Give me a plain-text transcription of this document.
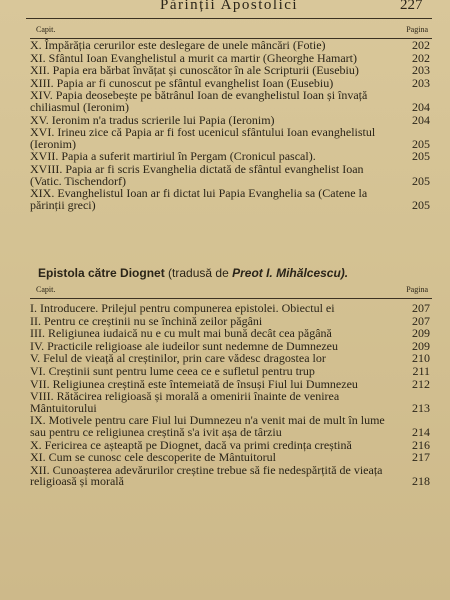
Părinții Apostolici	227
Capit.	Pagina
X. Împărăția cerurilor este deslegare de unele mâncări (Fotie)	202
XI. Sfântul Ioan Evanghelistul a murit ca martir (Gheorghe Hamart)	202
XII. Papia era bărbat învățat și cunoscător în ale Scripturii (Eusebiu)	203
XIII. Papia ar fi cunoscut pe sfântul evanghelist Ioan (Eusebiu)	203
XIV. Papia deosebește pe bătrânul Ioan de evanghelistul Ioan și învață chiliasmul (Ieronim)	204
XV. Ieronim n'a tradus scrierile lui Papia (Ieronim)	204
XVI. Irineu zice că Papia ar fi fost ucenicul sfântului Ioan evanghelistul (Ieronim)	205
XVII. Papia a suferit martiriul în Pergam (Cronicul pascal).	205
XVIII. Papia ar fi scris Evanghelia dictată de sfântul evanghelist Ioan (Vatic. Tischendorf)	205
XIX. Evanghelistul Ioan ar fi dictat lui Papia Evanghelia sa (Catene la părinții greci)	205
Epistola către Diognet (tradusă de Preot I. Mihălcescu).
Capit.	Pagina
I. Introducere. Prilejul pentru compunerea epistolei. Obiectul ei	207
II. Pentru ce creștinii nu se închină zeilor păgâni	207
III. Religiunea iudaică nu e cu mult mai bună decât cea păgână	209
IV. Practicile religioase ale iudeilor sunt nedemne de Dumnezeu	209
V. Felul de vieață al creștinilor, prin care vădesc dragostea lor	210
VI. Creștinii sunt pentru lume ceea ce e sufletul pentru trup	211
VII. Religiunea creștină este întemeiată de însuși Fiul lui Dumnezeu	212
VIII. Rătăcirea religioasă și morală a omenirii înainte de venirea Mântuitorului	213
IX. Motivele pentru care Fiul lui Dumnezeu n'a venit mai de mult în lume sau pentru ce religiunea creștină s'a ivit așa de târziu	214
X. Fericirea ce așteaptă pe Diognet, dacă va primi credința creștină	216
XI. Cum se cunosc cele descoperite de Mântuitorul	217
XII. Cunoașterea adevărurilor creștine trebue să fie nedespărțită de vieața religioasă și morală	218
